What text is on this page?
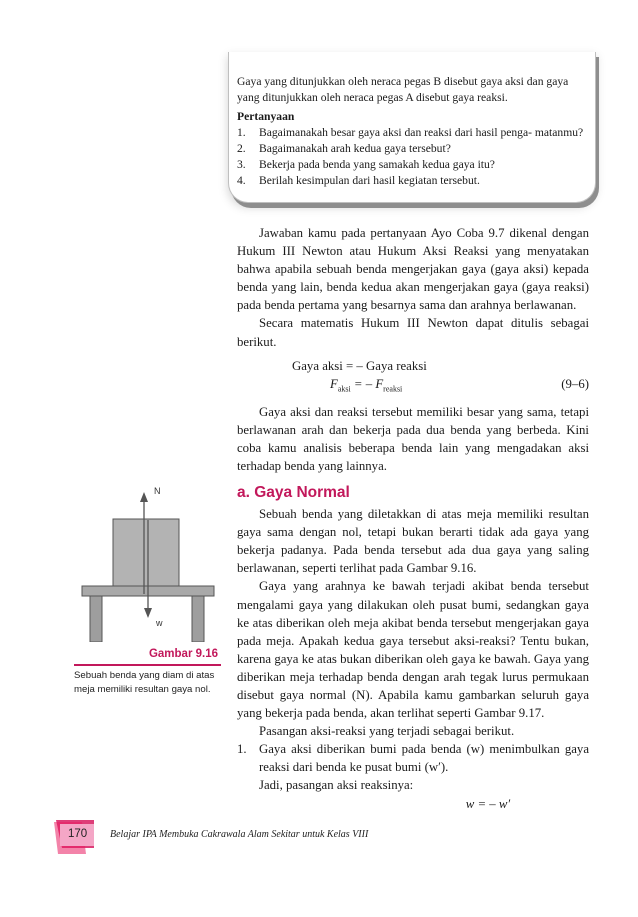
Gaya yang ditunjukkan oleh neraca pegas B disebut gaya aksi dan gaya yang ditunjukkan oleh neraca pegas A disebut gaya reaksi.

Pertanyaan

1.	Bagaimanakah besar gaya aksi dan reaksi dari hasil penga- matanmu?
2.	Bagaimanakah arah kedua gaya tersebut?
3.	Bekerja pada benda yang samakah kedua gaya itu?
4.	Berilah kesimpulan dari hasil kegiatan tersebut.

Jawaban kamu pada pertanyaan Ayo Coba 9.7 dikenal dengan Hukum III Newton atau Hukum Aksi Reaksi yang menyatakan bahwa apabila sebuah benda mengerjakan gaya (gaya aksi) kepada benda yang lain, benda kedua akan mengerjakan gaya (gaya reaksi) pada benda pertama yang besarnya sama dan arahnya berlawanan.

Secara matematis Hukum III Newton dapat ditulis sebagai berikut.

Gaya aksi = – Gaya reaksi
$F_{aksi}$ = – $F_{reaksi}$	(9–6)

Gaya aksi dan reaksi tersebut memiliki besar yang sama, tetapi berlawanan arah dan bekerja pada dua benda yang berbeda. Kini coba kamu analisis beberapa benda lain yang mengadakan aksi terhadap benda yang lainnya.

a. Gaya Normal

Sebuah benda yang diletakkan di atas meja memiliki resultan gaya sama dengan nol, tetapi bukan berarti tidak ada gaya yang bekerja padanya. Pada benda tersebut ada dua gaya yang saling berlawanan, seperti terlihat pada Gambar 9.16.

Gaya yang arahnya ke bawah terjadi akibat benda tersebut mengalami gaya yang dilakukan oleh pusat bumi, sedangkan gaya ke atas diberikan oleh meja akibat benda tersebut mengerjakan gaya pada meja. Apakah kedua gaya tersebut aksi-reaksi? Tentu bukan, karena gaya ke atas bukan diberikan oleh gaya ke bawah. Gaya yang diberikan meja terhadap benda dengan arah tegak lurus permukaan disebut gaya normal (N). Apabila kamu gambarkan seluruh gaya yang bekerja pada benda, akan terlihat seperti Gambar 9.17.

Pasangan aksi-reaksi yang terjadi sebagai berikut.

1. Gaya aksi diberikan bumi pada benda (w) menimbulkan gaya reaksi dari benda ke pusat bumi (w′).

Jadi, pasangan aksi reaksinya:

w = – w′

N
w
Gambar 9.16
Sebuah benda yang diam di atas meja memiliki resultan gaya nol.
170 Belajar IPA Membuka Cakrawala Alam Sekitar untuk Kelas VIII
